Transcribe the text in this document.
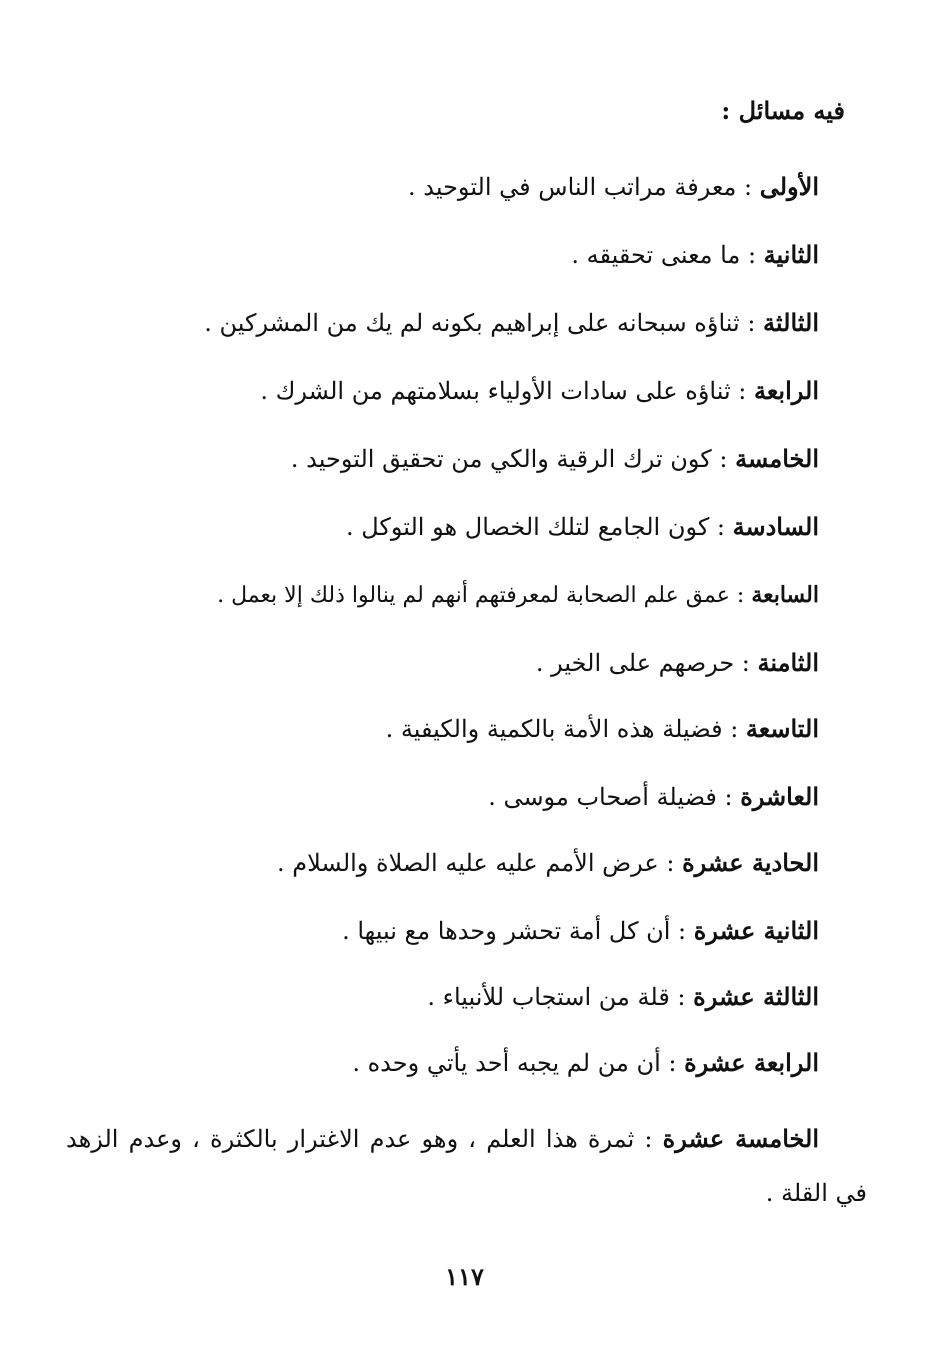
فيه مسائل :
الأولى : معرفة مراتب الناس في التوحيد .
الثانية : ما معنى تحقيقه .
الثالثة : ثناؤه سبحانه على إبراهيم بكونه لم يك من المشركين .
الرابعة : ثناؤه على سادات الأولياء بسلامتهم من الشرك .
الخامسة : كون ترك الرقية والكي من تحقيق التوحيد .
السادسة : كون الجامع لتلك الخصال هو التوكل .
السابعة : عمق علم الصحابة لمعرفتهم أنهم لم ينالوا ذلك إلا بعمل .
الثامنة : حرصهم على الخير .
التاسعة : فضيلة هذه الأمة بالكمية والكيفية .
العاشرة : فضيلة أصحاب موسى .
الحادية عشرة : عرض الأمم عليه عليه الصلاة والسلام .
الثانية عشرة : أن كل أمة تحشر وحدها مع نبيها .
الثالثة عشرة : قلة من استجاب للأنبياء .
الرابعة عشرة : أن من لم يجبه أحد يأتي وحده .
الخامسة عشرة : ثمرة هذا العلم ، وهو عدم الاغترار بالكثرة ، وعدم الزهد في القلة .
١١٧
